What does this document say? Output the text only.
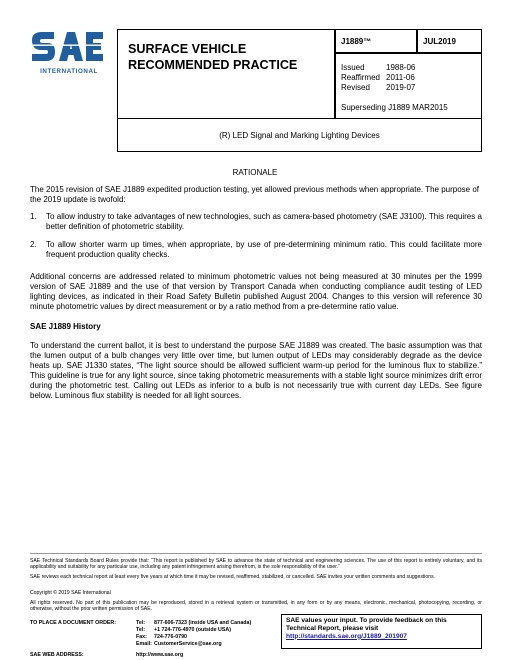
INTERNATIONAL
SURFACE VEHICLE
RECOMMENDED PRACTICE
J1889™	JUL2019
Issued	1988-06
Reaffirmed 2011-06
Revised 2019-07
Superseding J1889 MAR2015
(R) LED Signal and Marking Lighting Devices
RATIONALE
The 2015 revision of SAE J1889 expedited production testing, yet allowed previous methods when appropriate. The purpose of the 2019 update is twofold:
1. To allow industry to take advantages of new technologies, such as camera-based photometry (SAE J3100). This requires a better definition of photometric stability.
2. To allow shorter warm up times, when appropriate, by use of pre-determining minimum ratio. This could facilitate more frequent production quality checks.
Additional concerns are addressed related to minimum photometric values not being measured at 30 minutes per the 1999 version of SAE J1889 and the use of that version by Transport Canada when conducting compliance audit testing of LED lighting devices, as indicated in their Road Safety Bulletin published August 2004. Changes to this version will reference 30 minute photometric values by direct measurement or by a ratio method from a pre-determine ratio value.
SAE J1889 History
To understand the current ballot, it is best to understand the purpose SAE J1889 was created. The basic assumption was that the lumen output of a bulb changes very little over time, but lumen output of LEDs may considerably degrade as the device heats up. SAE J1330 states, “The light source should be allowed sufficient warm-up period for the luminous flux to stabilize.” This guideline is true for any light source, since taking photometric measurements with a stable light source minimizes drift error during the photometric test. Calling out LEDs as inferior to a bulb is not necessarily true with current day LEDs. See figure below. Luminous flux stability is needed for all light sources.
SAE Technical Standards Board Rules provide that: “This report is published by SAE to advance the state of technical and engineering sciences. The use of this report is entirely voluntary, and its applicability and suitability for any particular use, including any patent infringement arising therefrom, is the sole responsibility of the user.”
SAE reviews each technical report at least every five years at which time it may be revised, reaffirmed, stabilized, or cancelled. SAE invites your written comments and suggestions.
Copyright © 2019 SAE International
All rights reserved. No part of this publication may be reproduced, stored in a retrieval system or transmitted, in any form or by any means, electronic, mechanical, photocopying, recording, or otherwise, without the prior written permission of SAE.
TO PLACE A DOCUMENT ORDER:	Tel: 877-606-7323 (inside USA and Canada)
Tel: +1 724-776-4970 (outside USA)
Fax: 724-776-0790
Email: CustomerService@sae.org
SAE WEB ADDRESS:	http://www.sae.org
SAE values your input. To provide feedback on this Technical Report, please visit
http://standards.sae.org/J1889_201907
